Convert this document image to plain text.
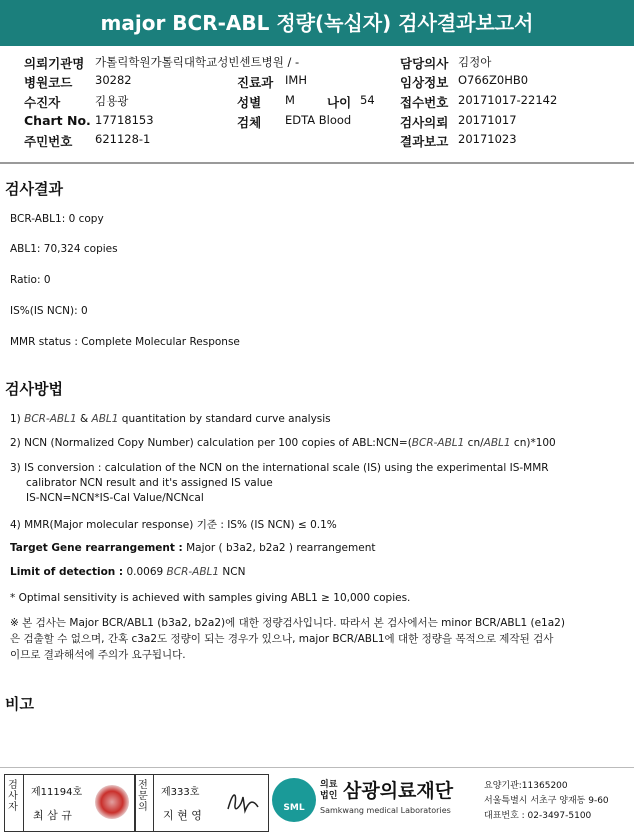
major BCR-ABL 정량(녹십자) 검사결과보고서
의뢰기관명 가톨릭학원가톨릭대학교성빈센트병원 / -	담당의사 김정아
병원코드 30282	진료과 IMH	임상정보 O766Z0HB0
수진자	김용광	성별 M	나이 54 접수번호 20171017-22142
Chart No. 17718153	검체 EDTA Blood	검사의뢰 20171017
주민번호 621128-1	결과보고 20171023
검사결과
BCR-ABL1: 0 copy
ABL1: 70,324 copies
Ratio: 0
IS%(IS NCN): 0
MMR status : Complete Molecular Response
검사방법
1) BCR-ABL1 & ABL1 quantitation by standard curve analysis
2) NCN (Normalized Copy Number) calculation per 100 copies of ABL:NCN=(BCR-ABL1 cn/ABL1 cn)*100
3) IS conversion : calculation of the NCN on the international scale (IS) using the experimental IS-MMR
calibrator NCN result and it's assigned IS value
IS-NCN=NCN*IS-Cal Value/NCNcal
4) MMR(Major molecular response) 기준 : IS% (IS NCN) ≤ 0.1%
Target Gene rearrangement : Major ( b3a2, b2a2 ) rearrangement
Limit of detection : 0.0069 BCR-ABL1 NCN
* Optimal sensitivity is achieved with samples giving ABL1 ≥ 10,000 copies.
※ 본 검사는 Major BCR/ABL1 (b3a2, b2a2)에 대한 정량검사입니다. 따라서 본 검사에서는 minor BCR/ABL1 (e1a2)
은 검출할 수 없으며, 간혹 c3a2도 정량이 되는 경우가 있으나, major BCR/ABL1에 대한 정량을 목적으로 제작된 검사
이므로 결과해석에 주의가 요구됩니다.
비고
검사자
제11194호
최 삼 규
전문의
제333호
지 현 영
SML
의료
법인 삼광의료재단
Samkwang medical Laboratories
요양기관:11365200
서울특별시 서초구 양재동 9-60
대표번호 : 02-3497-5100
